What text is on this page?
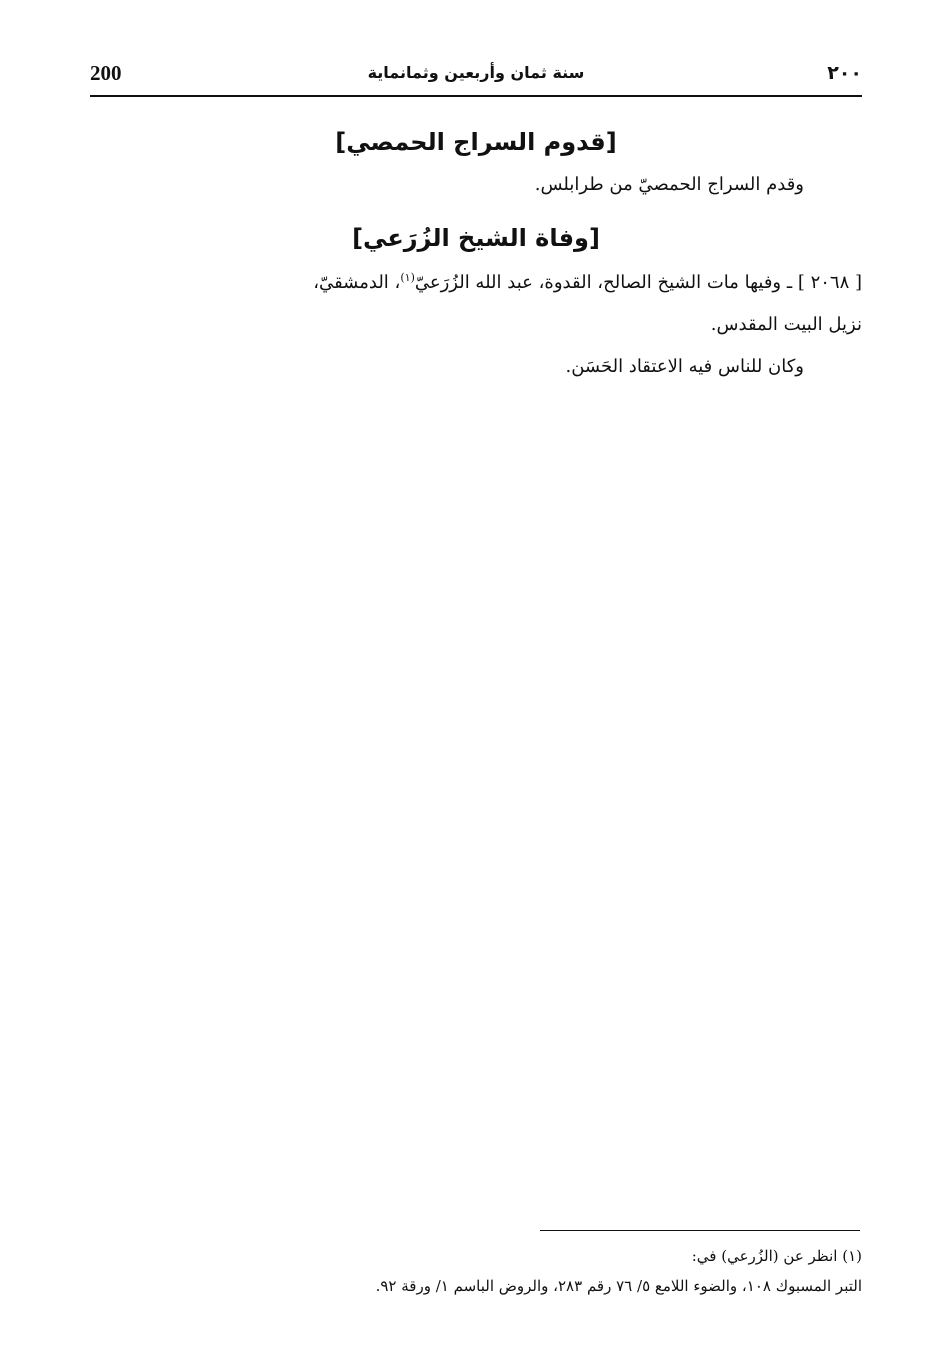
200	سنة ثمان وأربعين وثمانماية	٢٠٠
[قدوم السراج الحمصي]
وقدم السراج الحمصيّ من طرابلس.
[وفاة الشيخ الزُرَعي]
[ ٢٠٦٨ ] ـ وفيها مات الشيخ الصالح، القدوة، عبد الله الزُرَعيّ$^{(١)}$، الدمشقيّ،
نزيل البيت المقدس.
وكان للناس فيه الاعتقاد الحَسَن.
(١) انظر عن (الزُرعي) في:
التبر المسبوك ١٠٨، والضوء اللامع ٥/ ٧٦ رقم ٢٨٣، والروض الباسم ١/ ورقة ٩٢.
